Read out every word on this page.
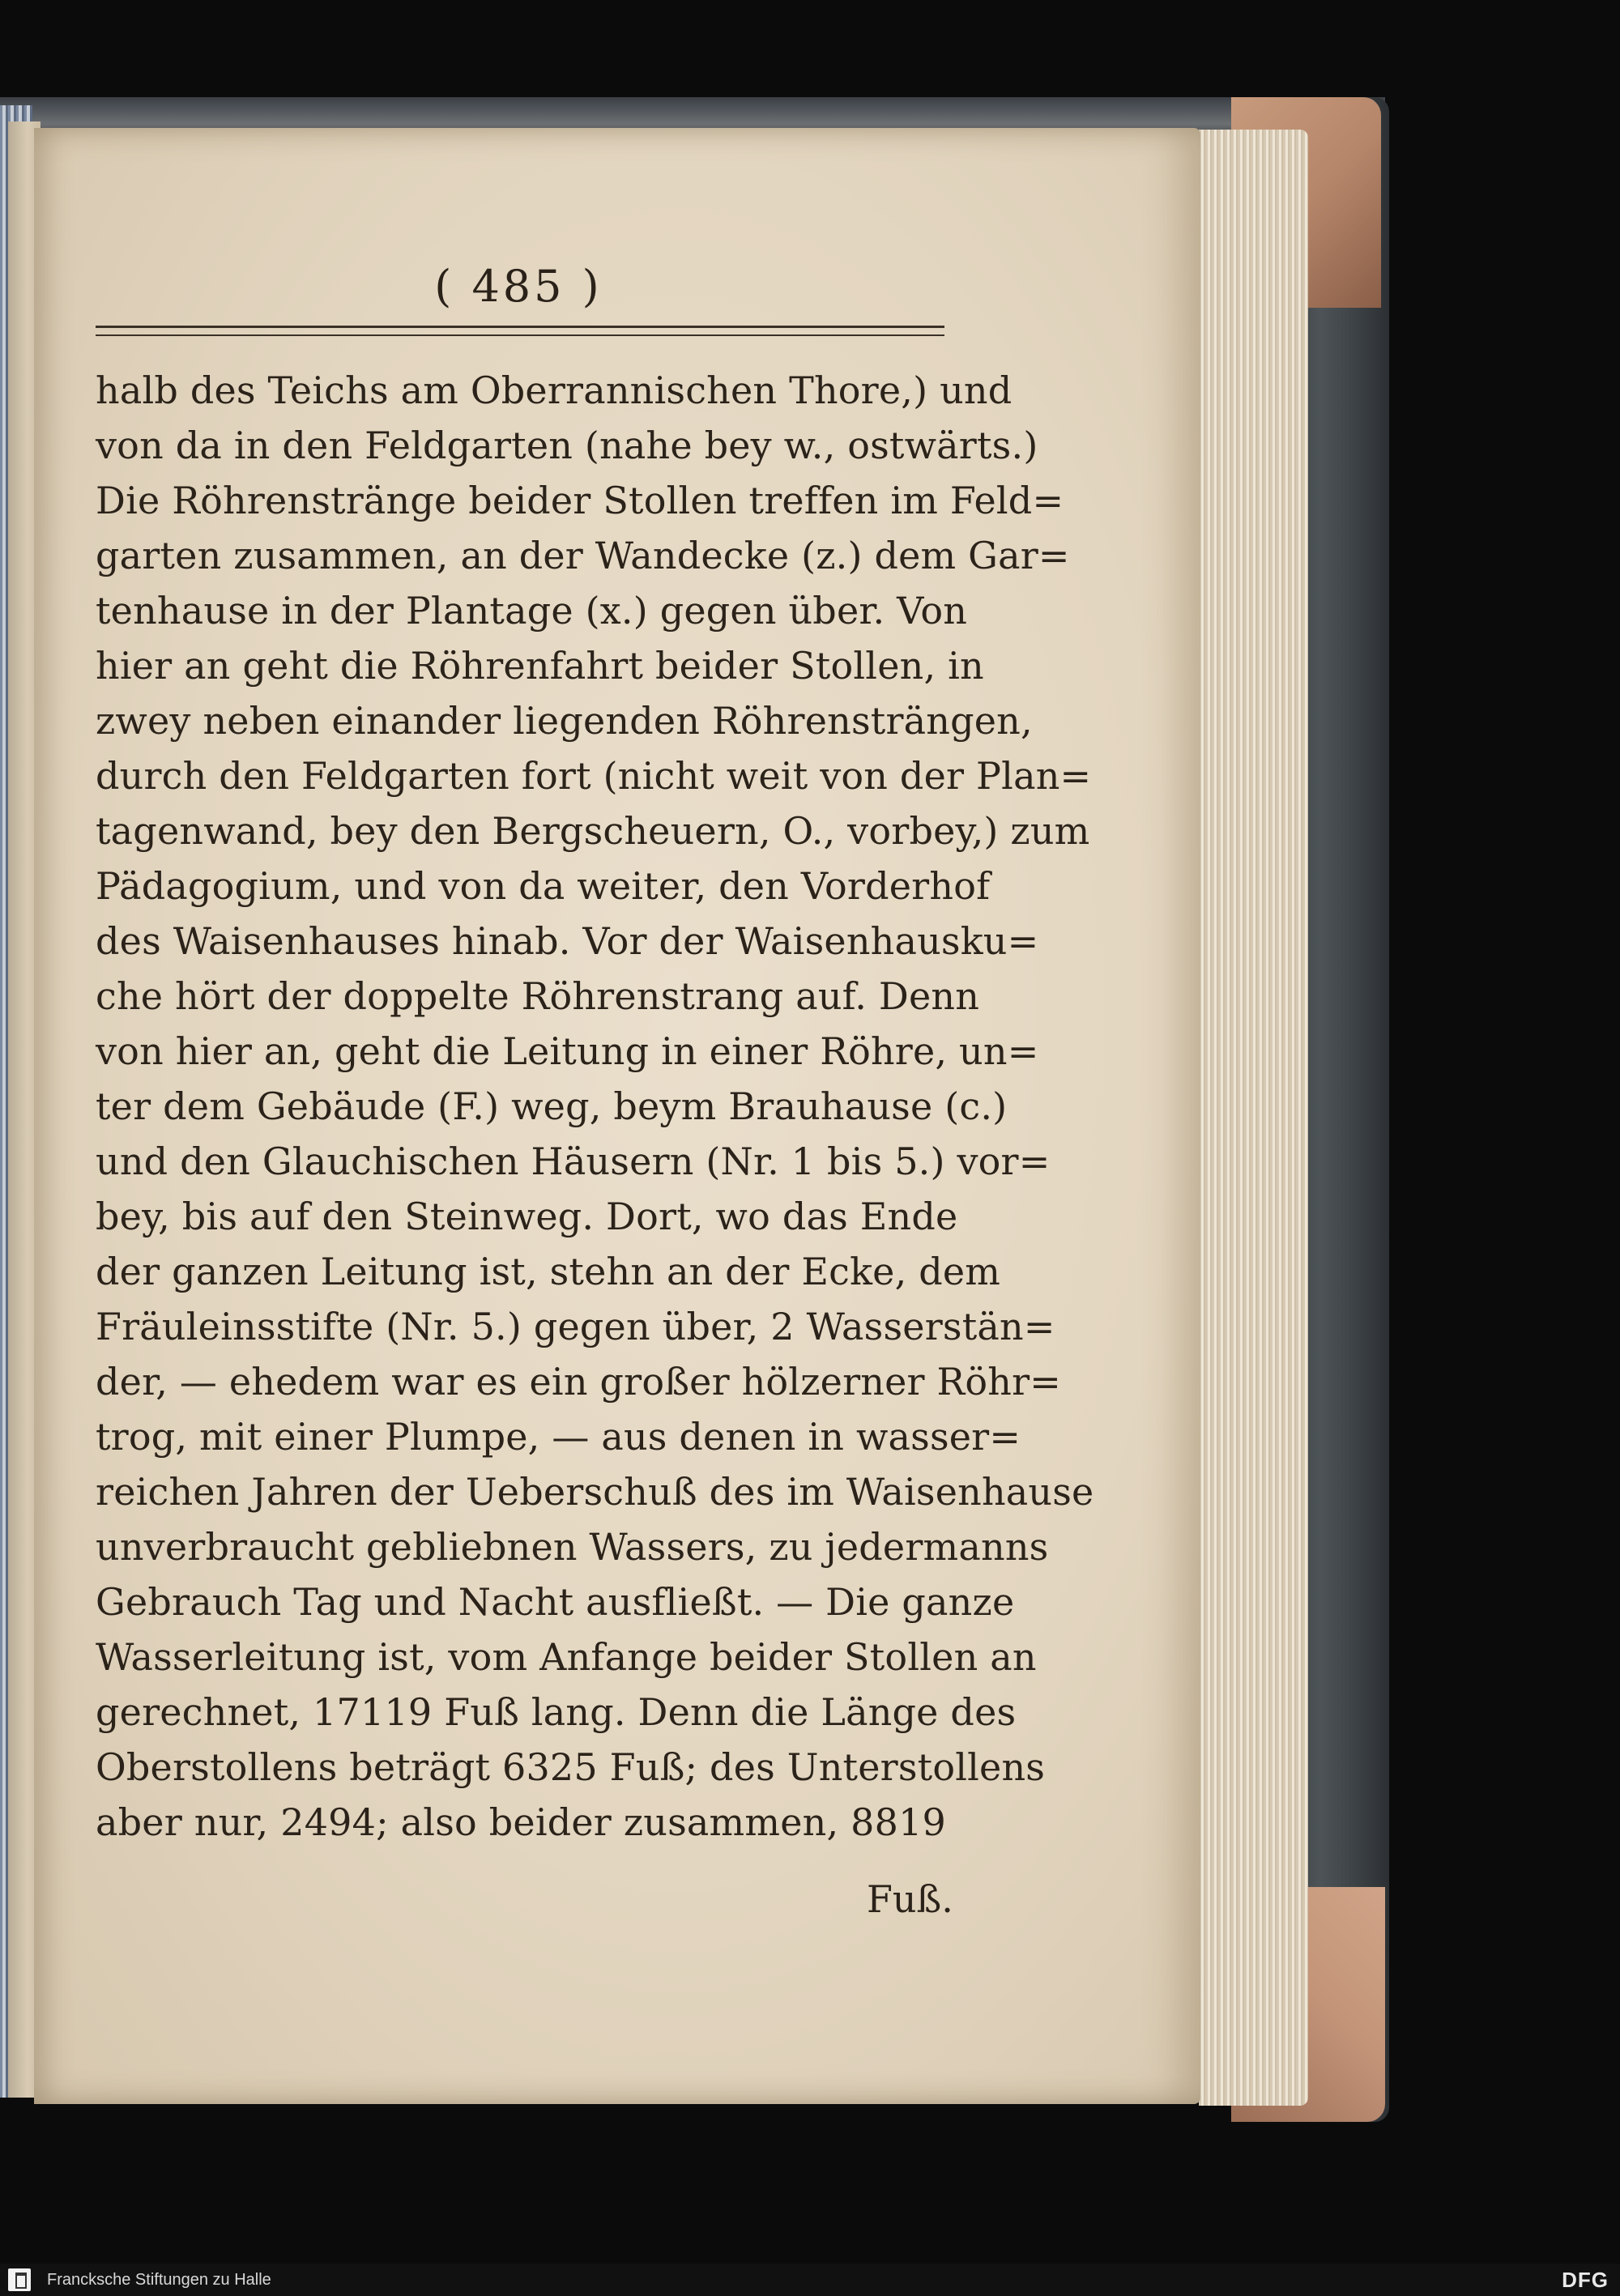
( 485 )
halb des Teichs am Oberrannischen Thore,) und
von da in den Feldgarten (nahe bey w., ostwärts.)
Die Röhrenstränge beider Stollen treffen im Feld=
garten zusammen, an der Wandecke (z.) dem Gar=
tenhause in der Plantage (x.) gegen über. Von
hier an geht die Röhrenfahrt beider Stollen, in
zwey neben einander liegenden Röhrensträngen,
durch den Feldgarten fort (nicht weit von der Plan=
tagenwand, bey den Bergscheuern, O., vorbey,) zum
Pädagogium, und von da weiter, den Vorderhof
des Waisenhauses hinab. Vor der Waisenhausku=
che hört der doppelte Röhrenstrang auf. Denn
von hier an, geht die Leitung in einer Röhre, un=
ter dem Gebäude (F.) weg, beym Brauhause (c.)
und den Glauchischen Häusern (Nr. 1 bis 5.) vor=
bey, bis auf den Steinweg. Dort, wo das Ende
der ganzen Leitung ist, stehn an der Ecke, dem
Fräuleinsstifte (Nr. 5.) gegen über, 2 Wasserstän=
der, — ehedem war es ein großer hölzerner Röhr=
trog, mit einer Plumpe, — aus denen in wasser=
reichen Jahren der Ueberschuß des im Waisenhause
unverbraucht gebliebnen Wassers, zu jedermanns
Gebrauch Tag und Nacht ausfließt. — Die ganze
Wasserleitung ist, vom Anfange beider Stollen an
gerechnet, 17119 Fuß lang. Denn die Länge des
Oberstollens beträgt 6325 Fuß; des Unterstollens
aber nur, 2494; also beider zusammen, 8819
Fuß.
Francksche Stiftungen zu Halle	DFG
